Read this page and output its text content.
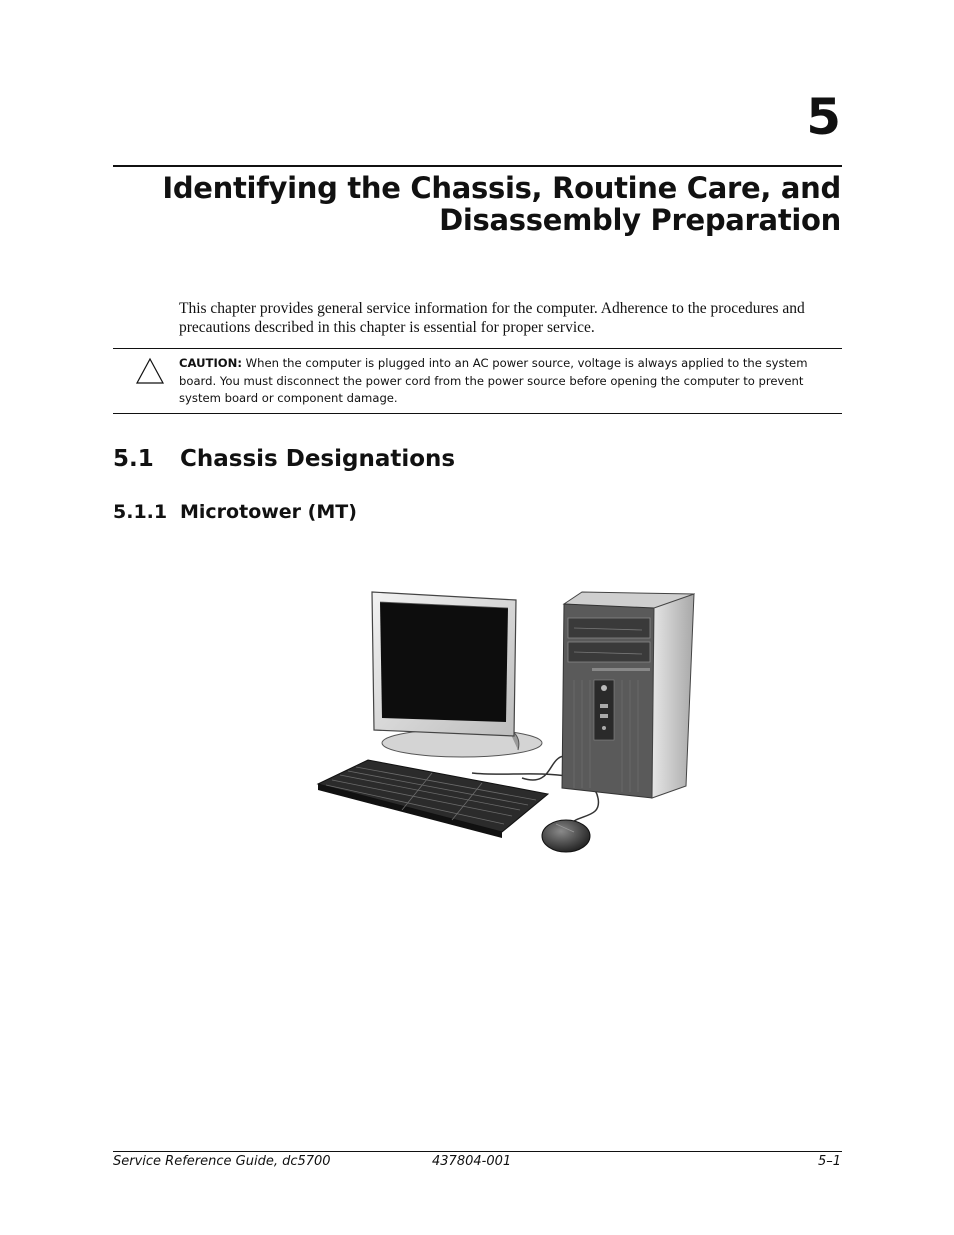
5
Identifying the Chassis, Routine Care, and
Disassembly Preparation
This chapter provides general service information for the computer. Adherence to the procedures and precautions described in this chapter is essential for proper service.
CAUTION: When the computer is plugged into an AC power source, voltage is always applied to the system board. You must disconnect the power cord from the power source before opening the computer to prevent system board or component damage.
5.1 Chassis Designations
5.1.1 Microtower (MT)
Service Reference Guide, dc5700	437804-001	5–1
